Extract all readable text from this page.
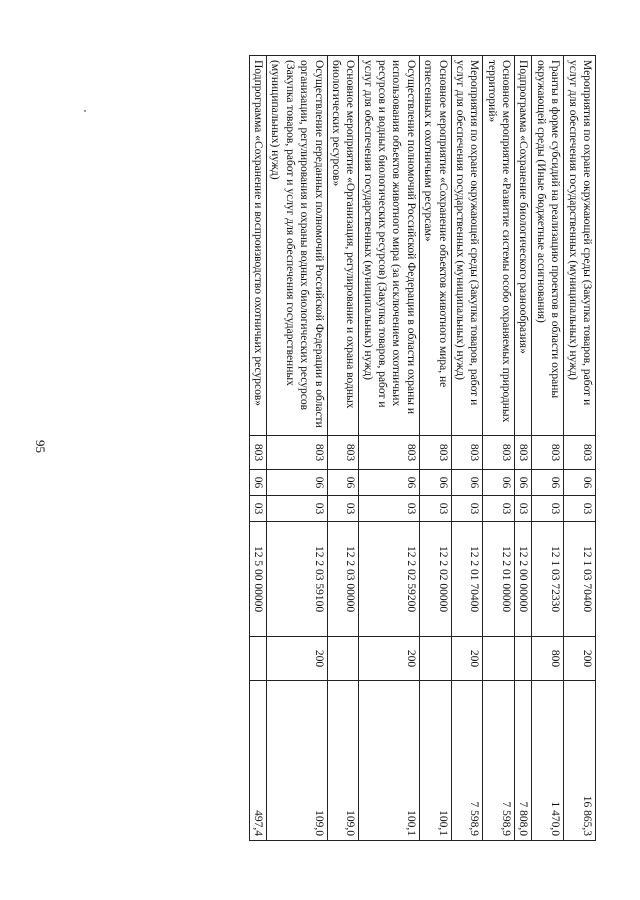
95
Мероприятия по охране окружающей среды (Закупка товаров, работ и услуг для обеспечения государственных (муниципальных) нужд)	803	06	03	12 1 03 70400	200	16 865,3
Гранты в форме субсидий на реализацию проектов в области охраны окружающей среды (Иные бюджетные ассигнования)	803	06	03	12 1 03 72330	800	1 470,0
Подпрограмма «Сохранение биологического разнообразия»	803	06	03	12 2 00 00000		7 808,0
Основное мероприятие «Развитие системы особо охраняемых природных территорий»	803	06	03	12 2 01 00000		7 598,9
Мероприятия по охране окружающей среды (Закупка товаров, работ и услуг для обеспечения государственных (муниципальных) нужд)	803	06	03	12 2 01 70400	200	7 598,9
Основное мероприятие «Сохранение объектов животного мира, не отнесенных к охотничьим ресурсам»	803	06	03	12 2 02 00000		100,1
Осуществление полномочий Российской Федерации в области охраны и использования объектов животного мира (за исключением охотничьих ресурсов и водных биологических ресурсов) (Закупка товаров, работ и услуг для обеспечения государственных (муниципальных) нужд)	803	06	03	12 2 02 59200	200	100,1
Основное мероприятие «Организация, регулирование и охрана водных биологических ресурсов»	803	06	03	12 2 03 00000		109,0
Осуществление переданных полномочий Российской Федерации в области организации, регулирования и охраны водных биологических ресурсов (Закупка товаров, работ и услуг для обеспечения государственных (муниципальных) нужд)	803	06	03	12 2 03 59100	200	109,0
Подпрограмма «Сохранение и воспроизводство охотничьих ресурсов»	803	06	03	12 5 00 00000		497,4
